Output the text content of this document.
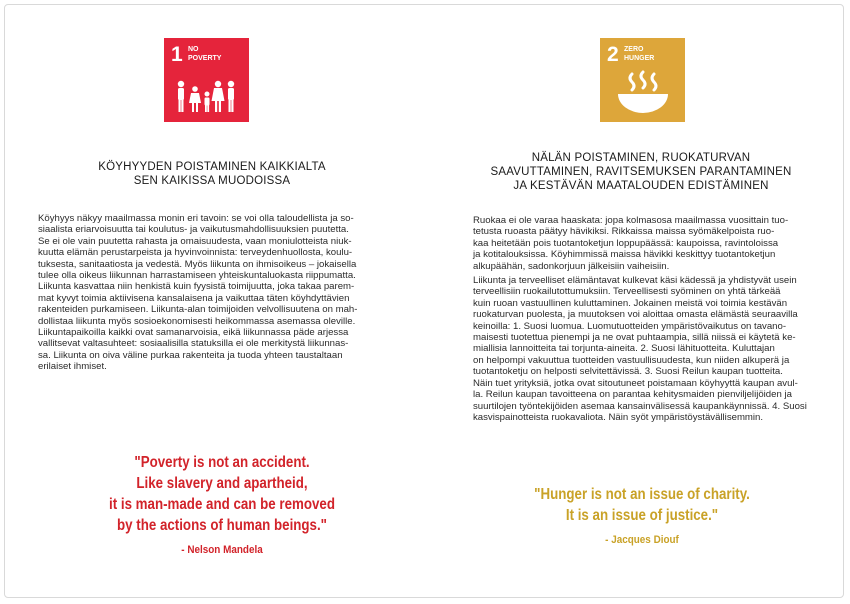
1 NO
POVERTY
KÖYHYYDEN POISTAMINEN KAIKKIALTA
SEN KAIKISSA MUODOISSA
Köyhyys näkyy maailmassa monin eri tavoin: se voi olla taloudellista ja so-
siaalista eriarvoisuutta tai koulutus- ja vaikutusmahdollisuuksien puutetta.
Se ei ole vain puutetta rahasta ja omaisuudesta, vaan moniulotteista niuk-
kuutta elämän perustarpeista ja hyvinvoinnista: terveydenhuollosta, koulu-
tuksesta, sanitaatiosta ja vedestä. Myös liikunta on ihmisoikeus – jokaisella
tulee olla oikeus liikunnan harrastamiseen yhteiskuntaluokasta riippumatta.
Liikunta kasvattaa niin henkistä kuin fyysistä toimijuutta, joka takaa parem-
mat kyvyt toimia aktiivisena kansalaisena ja vaikuttaa täten köyhdyttävien
rakenteiden purkamiseen. Liikunta-alan toimijoiden velvollisuutena on mah-
dollistaa liikunta myös sosioekonomisesti heikommassa asemassa oleville.
Liikuntapaikoilla kaikki ovat samanarvoisia, eikä liikunnassa päde arjessa
vallitsevat valtasuhteet: sosiaalisilla statuksilla ei ole merkitystä liikunnas-
sa. Liikunta on oiva väline purkaa rakenteita ja tuoda yhteen taustaltaan
erilaiset ihmiset.
"Poverty is not an accident.
Like slavery and apartheid,
it is man-made and can be removed
by the actions of human beings."
- Nelson Mandela
2 ZERO
HUNGER
NÄLÄN POISTAMINEN, RUOKATURVAN
SAAVUTTAMINEN, RAVITSEMUKSEN PARANTAMINEN
JA KESTÄVÄN MAATALOUDEN EDISTÄMINEN
Ruokaa ei ole varaa haaskata: jopa kolmasosa maailmassa vuosittain tuo-
tetusta ruoasta päätyy hävikiksi. Rikkaissa maissa syömäkelpoista ruo-
kaa heitetään pois tuotantoketjun loppupäässä: kaupoissa, ravintoloissa
ja kotitalouksissa. Köyhimmissä maissa hävikki keskittyy tuotantoketjun
alkupäähän, sadonkorjuun jälkeisiin vaiheisiin.
Liikunta ja terveelliset elämäntavat kulkevat käsi kädessä ja yhdistyvät usein
terveellisiin ruokailutottumuksiin. Terveellisesti syöminen on yhtä tärkeää
kuin ruoan vastuullinen kuluttaminen. Jokainen meistä voi toimia kestävän
ruokaturvan puolesta, ja muutoksen voi aloittaa omasta elämästä seuraavilla
keinoilla: 1. Suosi luomua. Luomutuotteiden ympäristövaikutus on tavano-
maisesti tuotettua pienempi ja ne ovat puhtaampia, sillä niissä ei käytetä ke-
miallisia lannoitteita tai torjunta-aineita. 2. Suosi lähituotteita. Kuluttajan
on helpompi vakuuttua tuotteiden vastuullisuudesta, kun niiden alkuperä ja
tuotantoketju on helposti selvitettävissä. 3. Suosi Reilun kaupan tuotteita.
Näin tuet yrityksiä, jotka ovat sitoutuneet poistamaan köyhyyttä kaupan avul-
la. Reilun kaupan tavoitteena on parantaa kehitysmaiden pienviljelijöiden ja
suurtilojen työntekijöiden asemaa kansainvälisessä kaupankäynnissä. 4. Suosi
kasvispainotteista ruokavaliota. Näin syöt ympäristöystävällisemmin.
"Hunger is not an issue of charity.
It is an issue of justice."
- Jacques Diouf
